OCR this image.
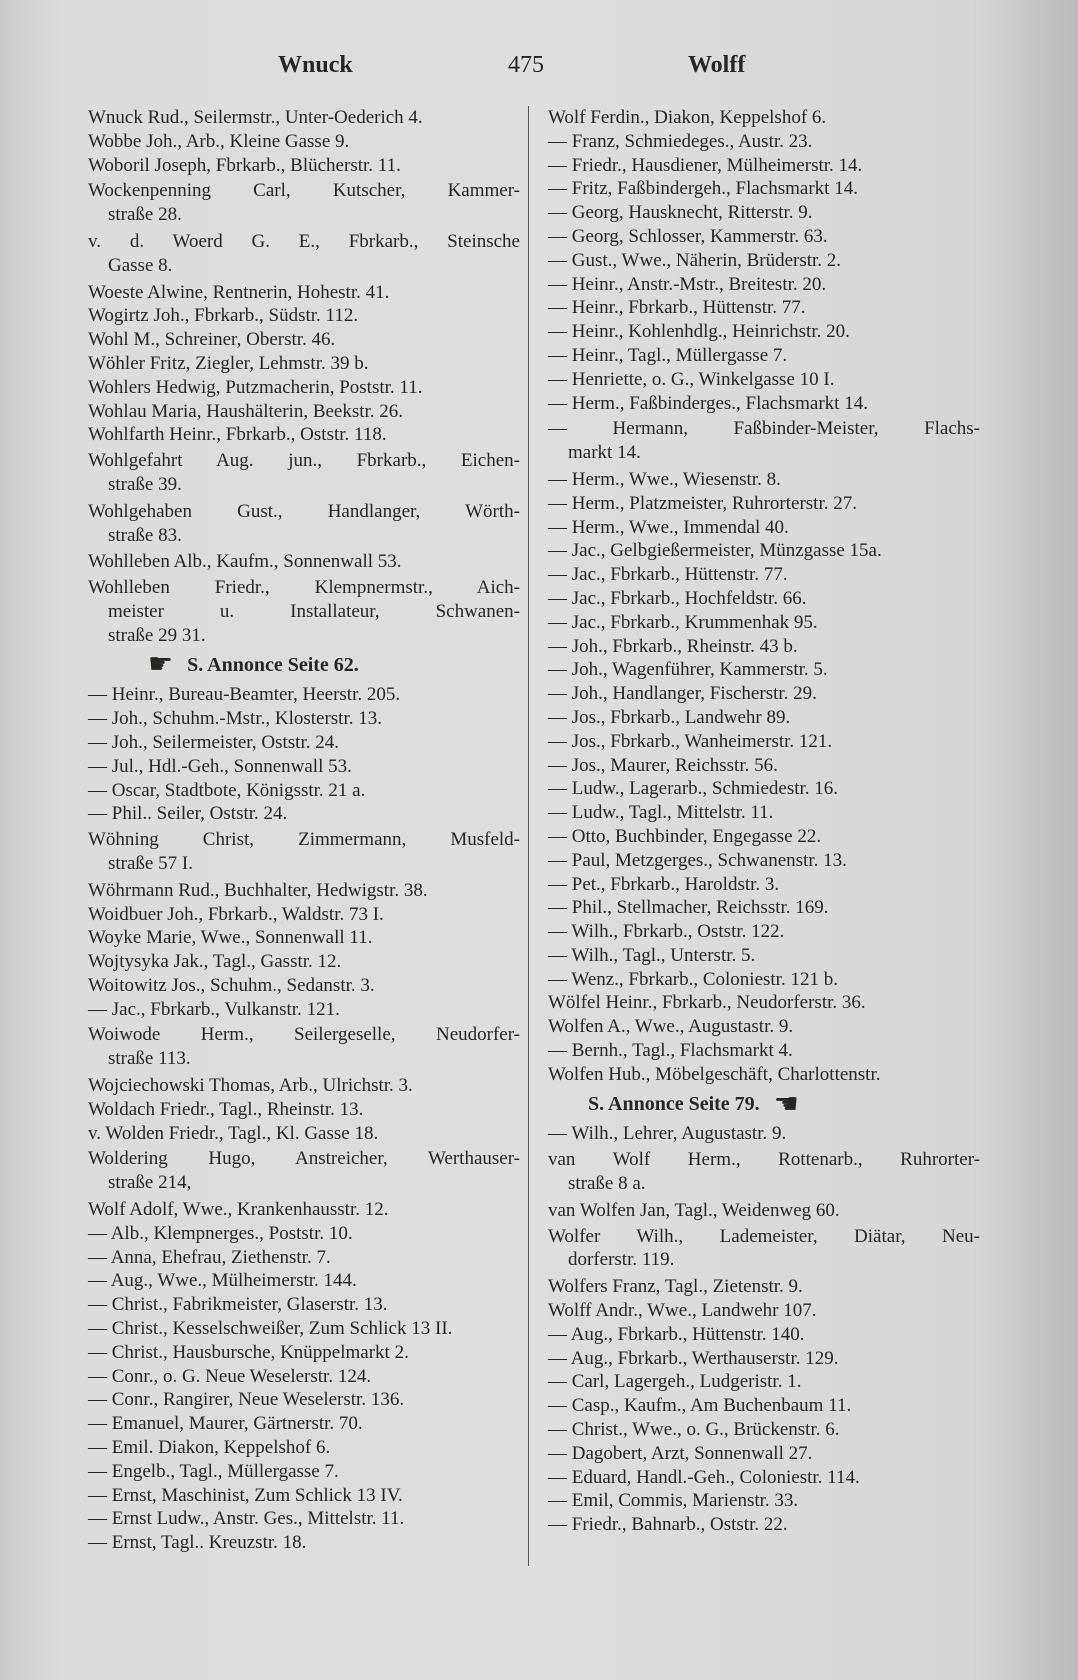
Wnuck	475	Wolff
Wnuck Rud., Seilermstr., Unter-Oederich 4.
Wobbe Joh., Arb., Kleine Gasse 9.
Woboril Joseph, Fbrkarb., Blücherstr. 11.
Wockenpenning Carl, Kutscher, Kammer-
straße 28.
v. d. Woerd G. E., Fbrkarb., Steinsche
Gasse 8.
Woeste Alwine, Rentnerin, Hohestr. 41.
Wogirtz Joh., Fbrkarb., Südstr. 112.
Wohl M., Schreiner, Oberstr. 46.
Wöhler Fritz, Ziegler, Lehmstr. 39 b.
Wohlers Hedwig, Putzmacherin, Poststr. 11.
Wohlau Maria, Haushälterin, Beekstr. 26.
Wohlfarth Heinr., Fbrkarb., Oststr. 118.
Wohlgefahrt Aug. jun., Fbrkarb., Eichen-
straße 39.
Wohlgehaben Gust., Handlanger, Wörth-
straße 83.
Wohlleben Alb., Kaufm., Sonnenwall 53.
Wohlleben Friedr., Klempnermstr., Aich-
meister u. Installateur, Schwanen-
straße 29 31.
☛ S. Annonce Seite 62.
— Heinr., Bureau-Beamter, Heerstr. 205.
— Joh., Schuhm.-Mstr., Klosterstr. 13.
— Joh., Seilermeister, Oststr. 24.
— Jul., Hdl.-Geh., Sonnenwall 53.
— Oscar, Stadtbote, Königsstr. 21 a.
— Phil.. Seiler, Oststr. 24.
Wöhning Christ, Zimmermann, Musfeld-
straße 57 I.
Wöhrmann Rud., Buchhalter, Hedwigstr. 38.
Woidbuer Joh., Fbrkarb., Waldstr. 73 I.
Woyke Marie, Wwe., Sonnenwall 11.
Wojtysyka Jak., Tagl., Gasstr. 12.
Woitowitz Jos., Schuhm., Sedanstr. 3.
— Jac., Fbrkarb., Vulkanstr. 121.
Woiwode Herm., Seilergeselle, Neudorfer-
straße 113.
Wojciechowski Thomas, Arb., Ulrichstr. 3.
Woldach Friedr., Tagl., Rheinstr. 13.
v. Wolden Friedr., Tagl., Kl. Gasse 18.
Woldering Hugo, Anstreicher, Werthauser-
straße 214,
Wolf Adolf, Wwe., Krankenhausstr. 12.
— Alb., Klempnerges., Poststr. 10.
— Anna, Ehefrau, Ziethenstr. 7.
— Aug., Wwe., Mülheimerstr. 144.
— Christ., Fabrikmeister, Glaserstr. 13.
— Christ., Kesselschweißer, Zum Schlick 13 II.
— Christ., Hausbursche, Knüppelmarkt 2.
— Conr., o. G. Neue Weselerstr. 124.
— Conr., Rangirer, Neue Weselerstr. 136.
— Emanuel, Maurer, Gärtnerstr. 70.
— Emil. Diakon, Keppelshof 6.
— Engelb., Tagl., Müllergasse 7.
— Ernst, Maschinist, Zum Schlick 13 IV.
— Ernst Ludw., Anstr. Ges., Mittelstr. 11.
— Ernst, Tagl.. Kreuzstr. 18.
Wolf Ferdin., Diakon, Keppelshof 6.
— Franz, Schmiedeges., Austr. 23.
— Friedr., Hausdiener, Mülheimerstr. 14.
— Fritz, Faßbindergeh., Flachsmarkt 14.
— Georg, Hausknecht, Ritterstr. 9.
— Georg, Schlosser, Kammerstr. 63.
— Gust., Wwe., Näherin, Brüderstr. 2.
— Heinr., Anstr.-Mstr., Breitestr. 20.
— Heinr., Fbrkarb., Hüttenstr. 77.
— Heinr., Kohlenhdlg., Heinrichstr. 20.
— Heinr., Tagl., Müllergasse 7.
— Henriette, o. G., Winkelgasse 10 I.
— Herm., Faßbinderges., Flachsmarkt 14.
— Hermann, Faßbinder-Meister, Flachs-
markt 14.
— Herm., Wwe., Wiesenstr. 8.
— Herm., Platzmeister, Ruhrorterstr. 27.
— Herm., Wwe., Immendal 40.
— Jac., Gelbgießermeister, Münzgasse 15a.
— Jac., Fbrkarb., Hüttenstr. 77.
— Jac., Fbrkarb., Hochfeldstr. 66.
— Jac., Fbrkarb., Krummenhak 95.
— Joh., Fbrkarb., Rheinstr. 43 b.
— Joh., Wagenführer, Kammerstr. 5.
— Joh., Handlanger, Fischerstr. 29.
— Jos., Fbrkarb., Landwehr 89.
— Jos., Fbrkarb., Wanheimerstr. 121.
— Jos., Maurer, Reichsstr. 56.
— Ludw., Lagerarb., Schmiedestr. 16.
— Ludw., Tagl., Mittelstr. 11.
— Otto, Buchbinder, Engegasse 22.
— Paul, Metzgerges., Schwanenstr. 13.
— Pet., Fbrkarb., Haroldstr. 3.
— Phil., Stellmacher, Reichsstr. 169.
— Wilh., Fbrkarb., Oststr. 122.
— Wilh., Tagl., Unterstr. 5.
— Wenz., Fbrkarb., Coloniestr. 121 b.
Wölfel Heinr., Fbrkarb., Neudorferstr. 36.
Wolfen A., Wwe., Augustastr. 9.
— Bernh., Tagl., Flachsmarkt 4.
Wolfen Hub., Möbelgeschäft, Charlottenstr.
S. Annonce Seite 79. ☚
— Wilh., Lehrer, Augustastr. 9.
van Wolf Herm., Rottenarb., Ruhrorter-
straße 8 a.
van Wolfen Jan, Tagl., Weidenweg 60.
Wolfer Wilh., Lademeister, Diätar, Neu-
dorferstr. 119.
Wolfers Franz, Tagl., Zietenstr. 9.
Wolff Andr., Wwe., Landwehr 107.
— Aug., Fbrkarb., Hüttenstr. 140.
— Aug., Fbrkarb., Werthauserstr. 129.
— Carl, Lagergeh., Ludgeristr. 1.
— Casp., Kaufm., Am Buchenbaum 11.
— Christ., Wwe., o. G., Brückenstr. 6.
— Dagobert, Arzt, Sonnenwall 27.
— Eduard, Handl.-Geh., Coloniestr. 114.
— Emil, Commis, Marienstr. 33.
— Friedr., Bahnarb., Oststr. 22.
